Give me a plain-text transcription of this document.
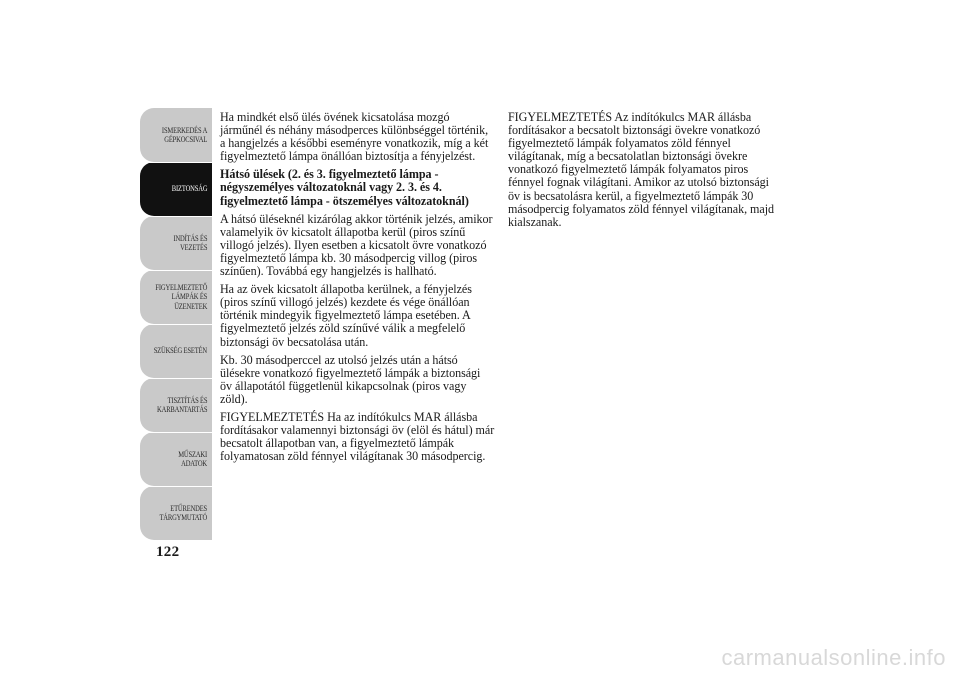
ISMERKEDÉS A
GÉPKOCSIVAL
BIZTONSÁG
INDÍTÁS ÉS
VEZETÉS
FIGYELMEZTETŐ
LÁMPÁK ÉS
ÜZENETEK
SZÜKSÉG ESETÉN
TISZTÍTÁS ÉS
KARBANTARTÁS
MŰSZAKI ADATOK
ETŰRENDES
TÁRGYMUTATÓ
122

Ha mindkét első ülés övének kicsatolása mozgó járműnél és néhány másodperces különbséggel történik, a hangjelzés a későbbi eseményre vonatkozik, míg a két figyelmeztető lámpa önállóan biztosítja a fényjelzést.

Hátsó ülések (2. és 3. figyelmeztető lámpa - négyszemélyes változatoknál vagy 2. 3. és 4. figyelmeztető lámpa - ötszemélyes változatoknál)

A hátsó üléseknél kizárólag akkor történik jelzés, amikor valamelyik öv kicsatolt állapotba kerül (piros színű villogó jelzés). Ilyen esetben a kicsatolt övre vonatkozó figyelmeztető lámpa kb. 30 másodpercig villog (piros színűen). Továbbá egy hangjelzés is hallható.

Ha az övek kicsatolt állapotba kerülnek, a fényjelzés (piros színű villogó jelzés) kezdete és vége önállóan történik mindegyik figyelmeztető lámpa esetében. A figyelmeztető jelzés zöld színűvé válik a megfelelő biztonsági öv becsatolása után.

Kb. 30 másodperccel az utolsó jelzés után a hátsó ülésekre vonatkozó figyelmeztető lámpák a biztonsági öv állapotától függetlenül kikapcsolnak (piros vagy zöld).

FIGYELMEZTETÉS Ha az indítókulcs MAR állásba fordításakor valamennyi biztonsági öv (elöl és hátul) már becsatolt állapotban van, a figyelmeztető lámpák folyamatosan zöld fénnyel világítanak 30 másodpercig.

FIGYELMEZTETÉS Az indítókulcs MAR állásba fordításakor a becsatolt biztonsági övekre vonatkozó figyelmeztető lámpák folyamatos zöld fénnyel világítanak, míg a becsatolatlan biztonsági övekre vonatkozó figyelmeztető lámpák folyamatos piros fénnyel fognak világítani. Amikor az utolsó biztonsági öv is becsatolásra kerül, a figyelmeztető lámpák 30 másodpercig folyamatos zöld fénnyel világítanak, majd kialszanak.

carmanualsonline.info
